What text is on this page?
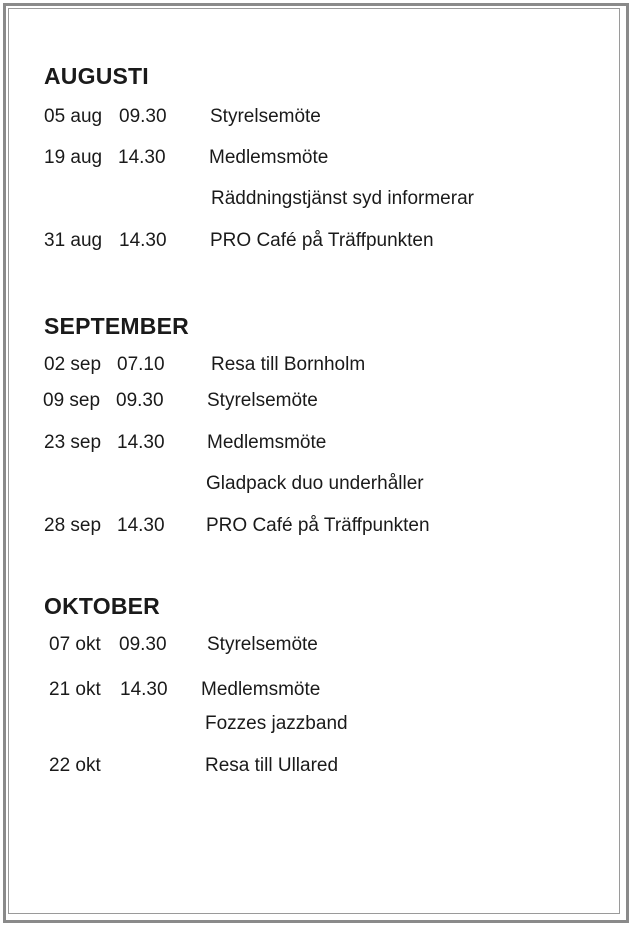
AUGUSTI
05 aug 09.30 Styrelsemöte
19 aug 14.30 Medlemsmöte
Räddningstjänst syd informerar
31 aug 14.30 PRO Café på Träffpunkten
SEPTEMBER
02 sep 07.10 Resa till Bornholm
09 sep 09.30 Styrelsemöte
23 sep 14.30 Medlemsmöte
Gladpack duo underhåller
28 sep 14.30 PRO Café på Träffpunkten
OKTOBER
07 okt 09.30 Styrelsemöte
21 okt 14.30 Medlemsmöte
Fozzes jazzband
22 okt	Resa till Ullared
